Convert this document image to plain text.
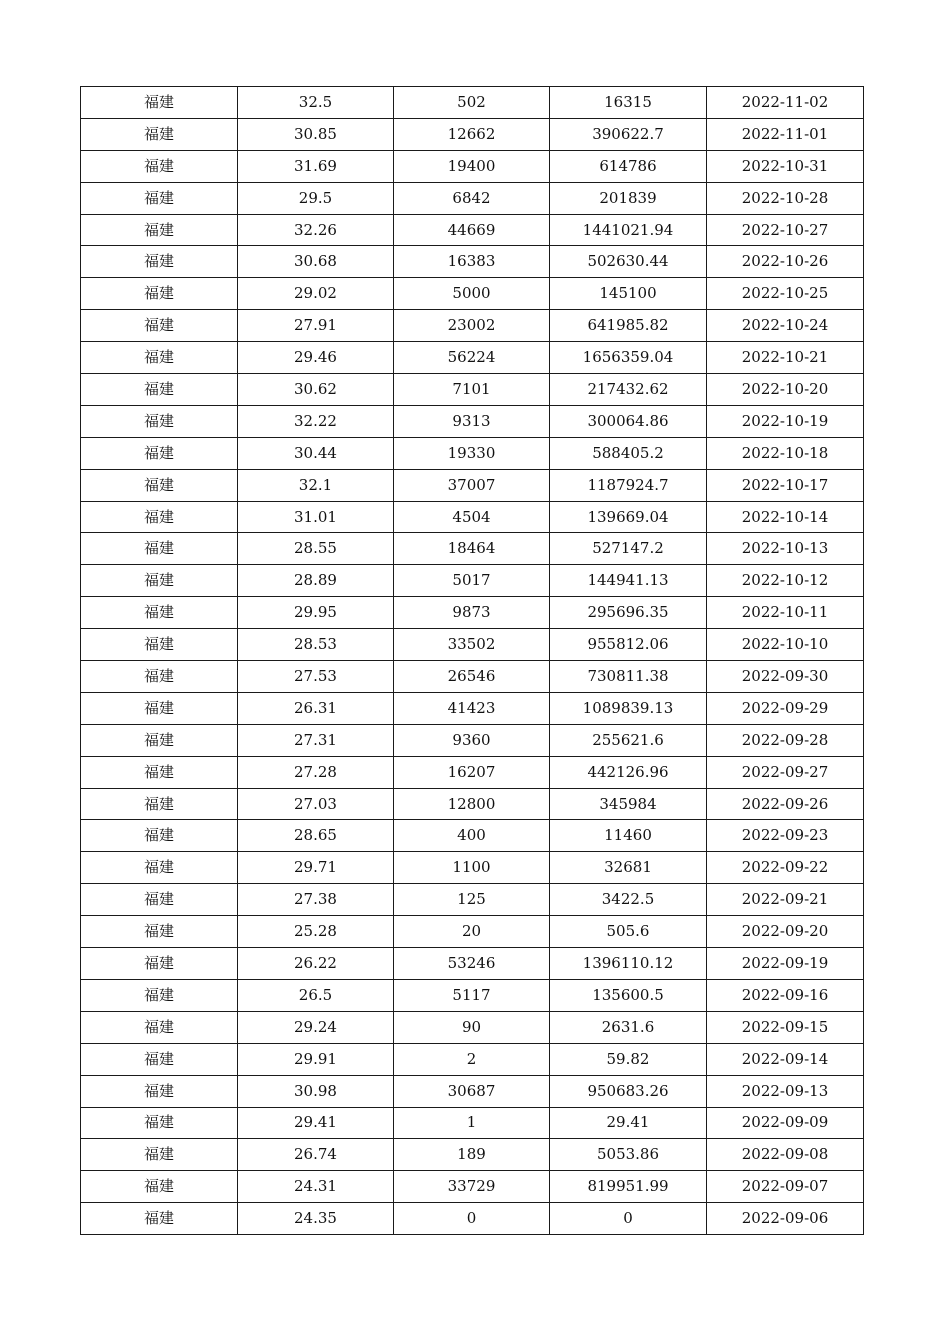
福建	32.5	502	16315	2022-11-02
福建	30.85	12662	390622.7	2022-11-01
福建	31.69	19400	614786	2022-10-31
福建	29.5	6842	201839	2022-10-28
福建	32.26	44669	1441021.94	2022-10-27
福建	30.68	16383	502630.44	2022-10-26
福建	29.02	5000	145100	2022-10-25
福建	27.91	23002	641985.82	2022-10-24
福建	29.46	56224	1656359.04	2022-10-21
福建	30.62	7101	217432.62	2022-10-20
福建	32.22	9313	300064.86	2022-10-19
福建	30.44	19330	588405.2	2022-10-18
福建	32.1	37007	1187924.7	2022-10-17
福建	31.01	4504	139669.04	2022-10-14
福建	28.55	18464	527147.2	2022-10-13
福建	28.89	5017	144941.13	2022-10-12
福建	29.95	9873	295696.35	2022-10-11
福建	28.53	33502	955812.06	2022-10-10
福建	27.53	26546	730811.38	2022-09-30
福建	26.31	41423	1089839.13	2022-09-29
福建	27.31	9360	255621.6	2022-09-28
福建	27.28	16207	442126.96	2022-09-27
福建	27.03	12800	345984	2022-09-26
福建	28.65	400	11460	2022-09-23
福建	29.71	1100	32681	2022-09-22
福建	27.38	125	3422.5	2022-09-21
福建	25.28	20	505.6	2022-09-20
福建	26.22	53246	1396110.12	2022-09-19
福建	26.5	5117	135600.5	2022-09-16
福建	29.24	90	2631.6	2022-09-15
福建	29.91	2	59.82	2022-09-14
福建	30.98	30687	950683.26	2022-09-13
福建	29.41	1	29.41	2022-09-09
福建	26.74	189	5053.86	2022-09-08
福建	24.31	33729	819951.99	2022-09-07
福建	24.35	0	0	2022-09-06
